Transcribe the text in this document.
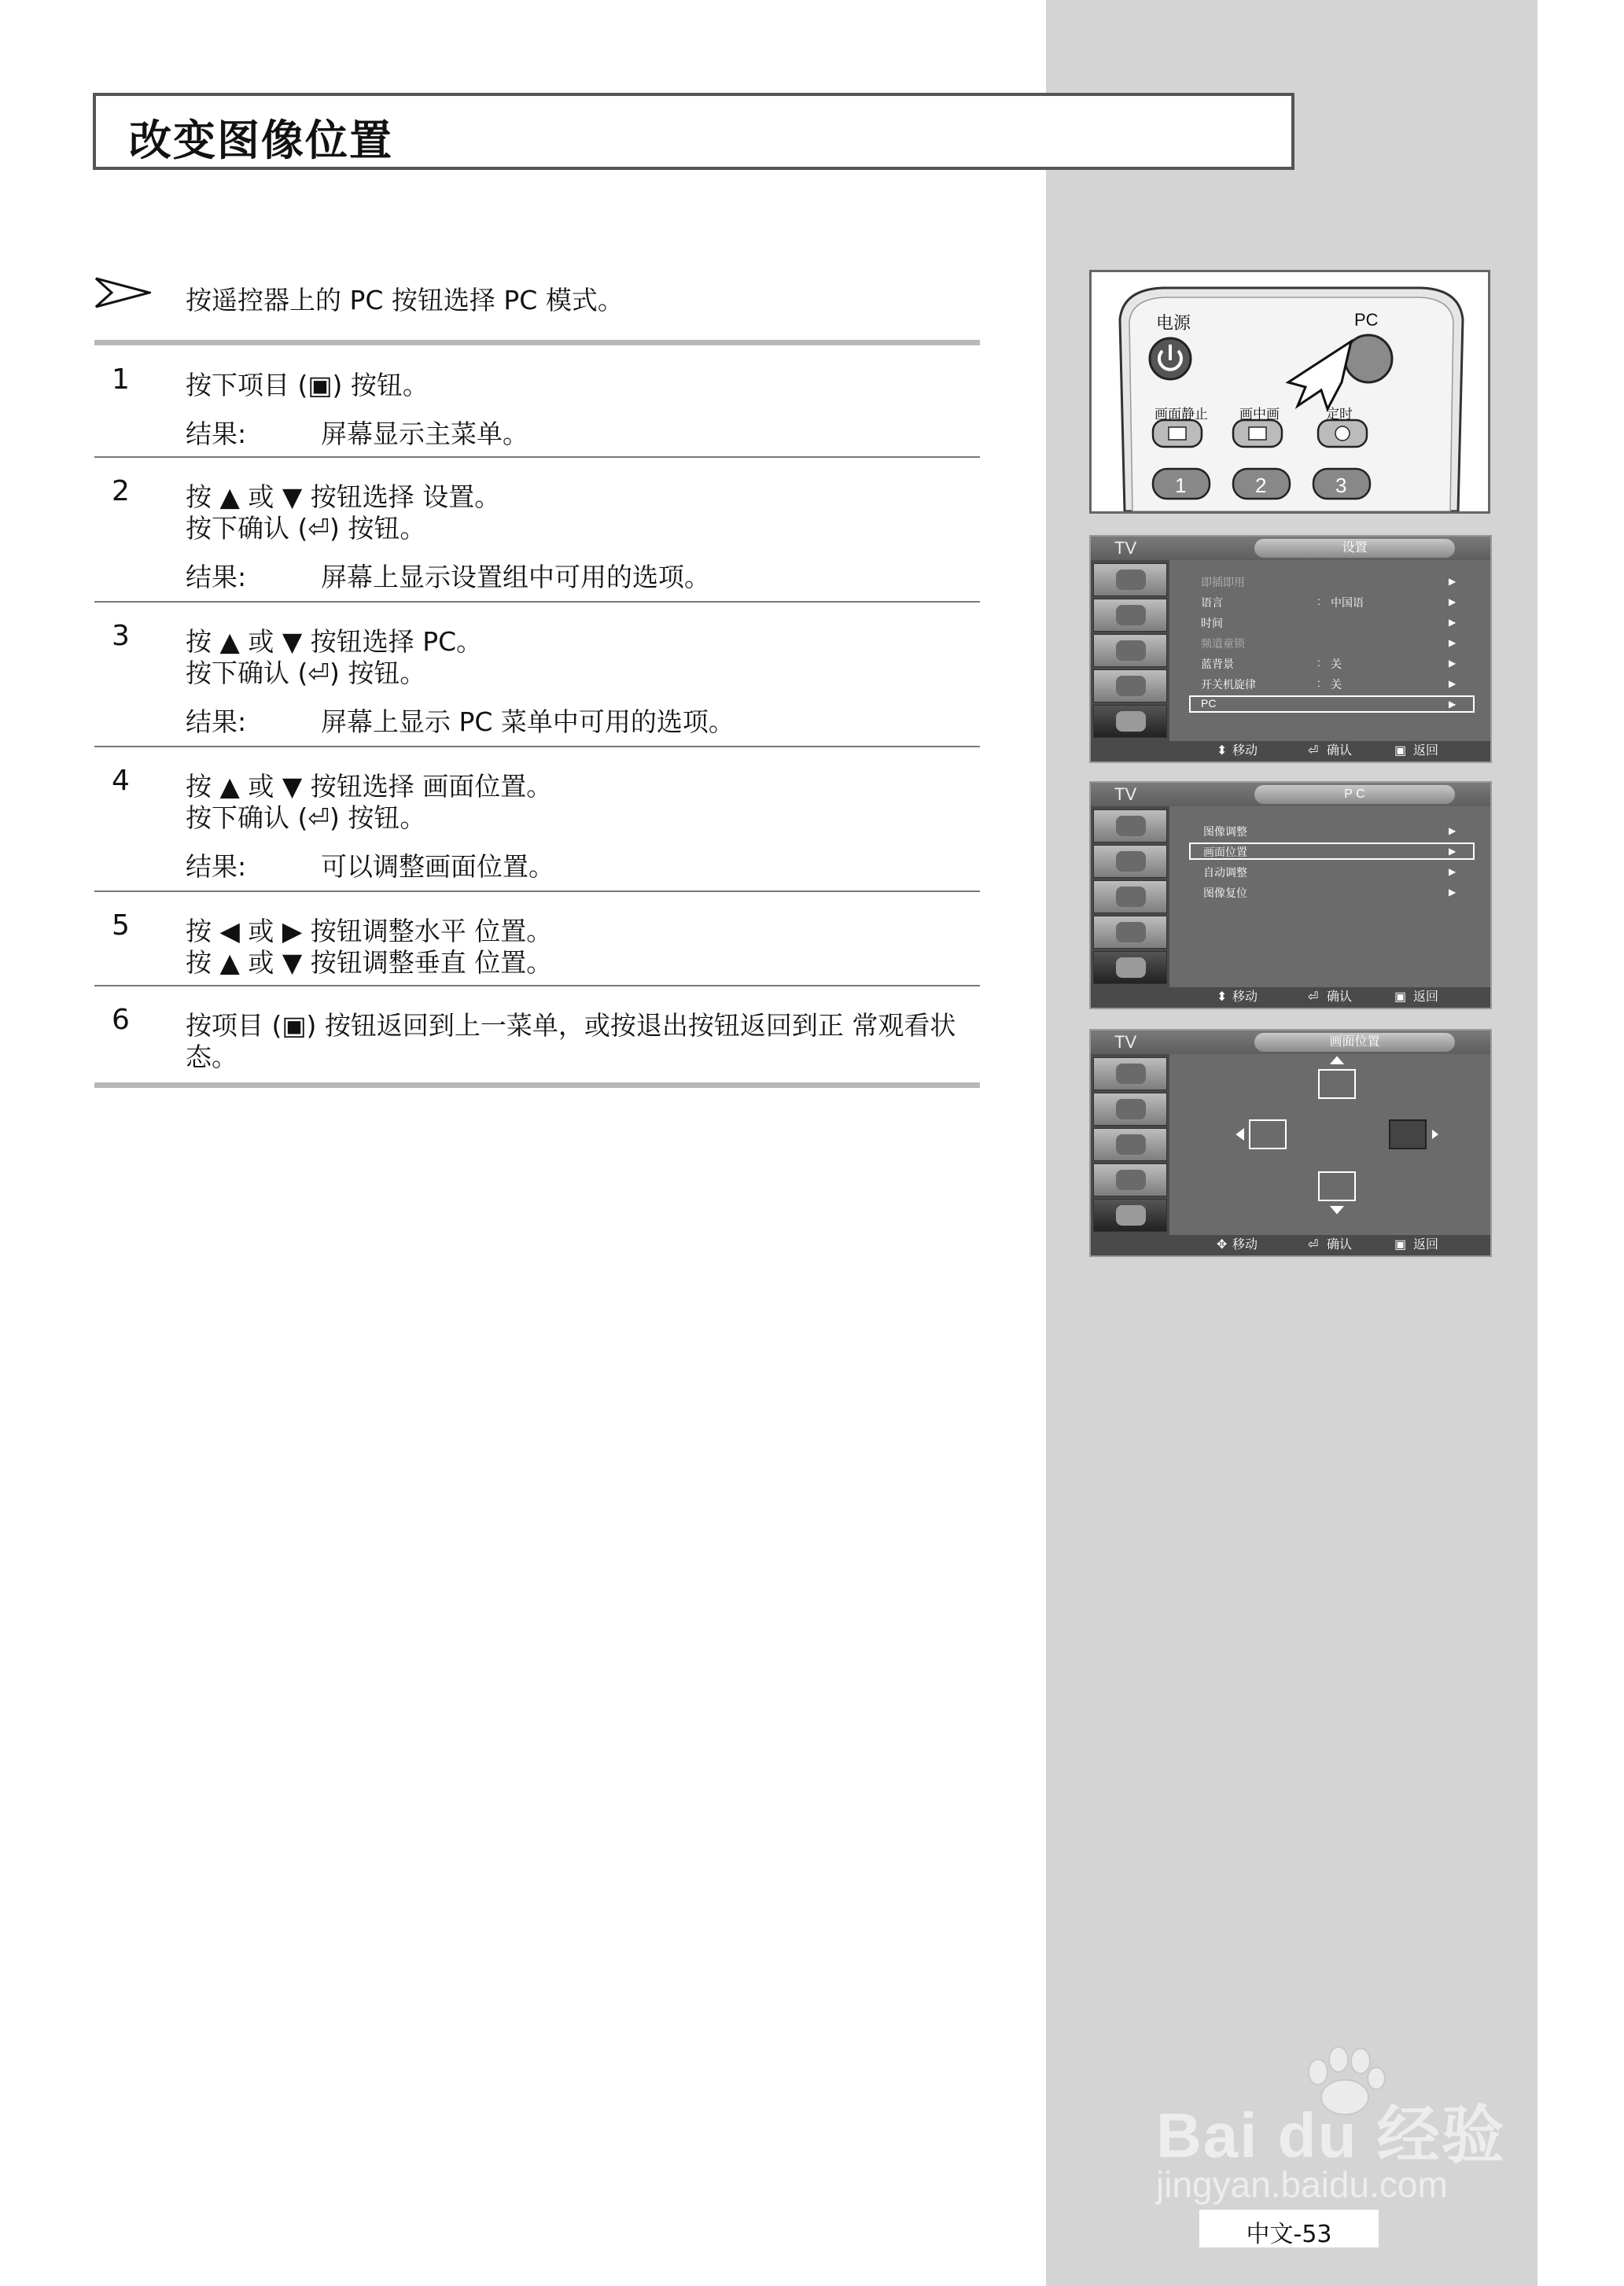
改变图像位置
按遥控器上的 PC 按钮选择 PC 模式。
1 按下项目 (▣) 按钮。
结果:	屏幕显示主菜单。
2 按 ▲ 或 ▼ 按钮选择 设置。
按下确认 (⏎) 按钮。
结果:	屏幕上显示设置组中可用的选项。
3 按 ▲ 或 ▼ 按钮选择 PC。
按下确认 (⏎) 按钮。
结果:	屏幕上显示 PC 菜单中可用的选项。
4 按 ▲ 或 ▼ 按钮选择 画面位置。
按下确认 (⏎) 按钮。
结果:	可以调整画面位置。
5 按 ◀ 或 ▶ 按钮调整水平 位置。
按 ▲ 或 ▼ 按钮调整垂直 位置。
6 按项目 (▣) 按钮返回到上一菜单，或按退出按钮返回到正 常观看状
态。
电源	PC
画面静止 画中画	定时
1	2	3
TV	设置
即插即用	▶
语言	: 中国语	▶
时间	▶
频道童锁	▶
蓝背景	: 关	▶
开关机旋律	: 关	▶
PC	▶
⬍ 移动	⏎ 确认	▣ 返回
TV	P C
图像调整	▶
画面位置	▶
自动调整	▶
图像复位	▶
⬍ 移动	⏎ 确认	▣ 返回
TV	画面位置
✥ 移动	⏎ 确认	▣ 返回
Bai du 经验
jingyan.baidu.com
中文-53
